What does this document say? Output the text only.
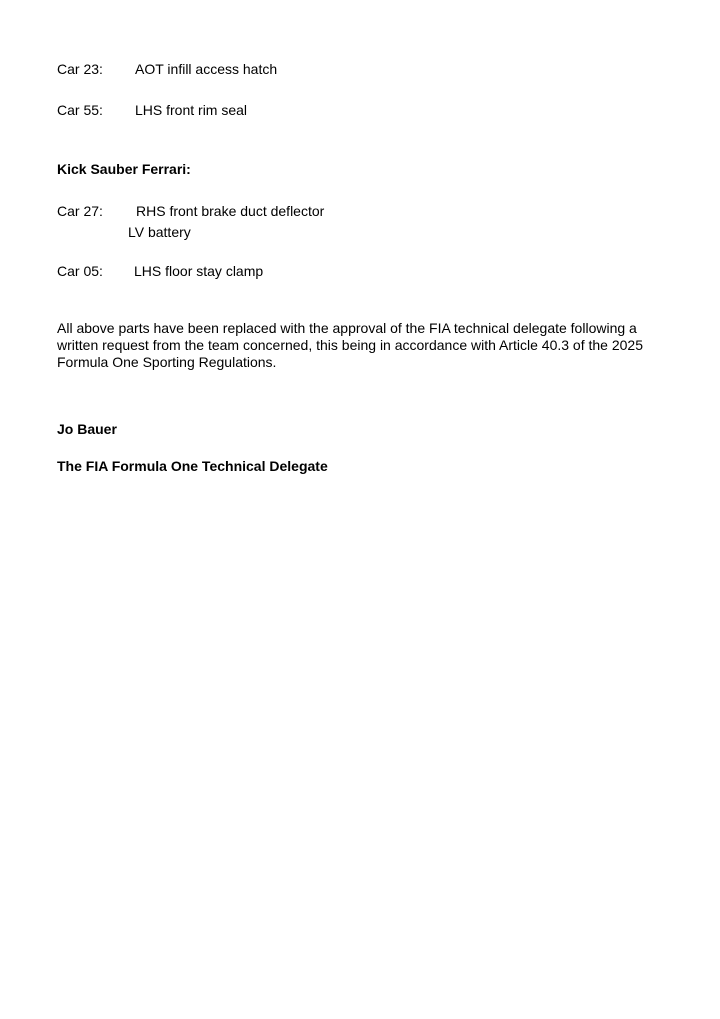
Car 23: AOT infill access hatch
Car 55: LHS front rim seal
Kick Sauber Ferrari:
Car 27: RHS front brake duct deflector
LV battery
Car 05: LHS floor stay clamp
All above parts have been replaced with the approval of the FIA technical delegate following a written request from the team concerned, this being in accordance with Article 40.3 of the 2025 Formula One Sporting Regulations.
Jo Bauer
The FIA Formula One Technical Delegate
